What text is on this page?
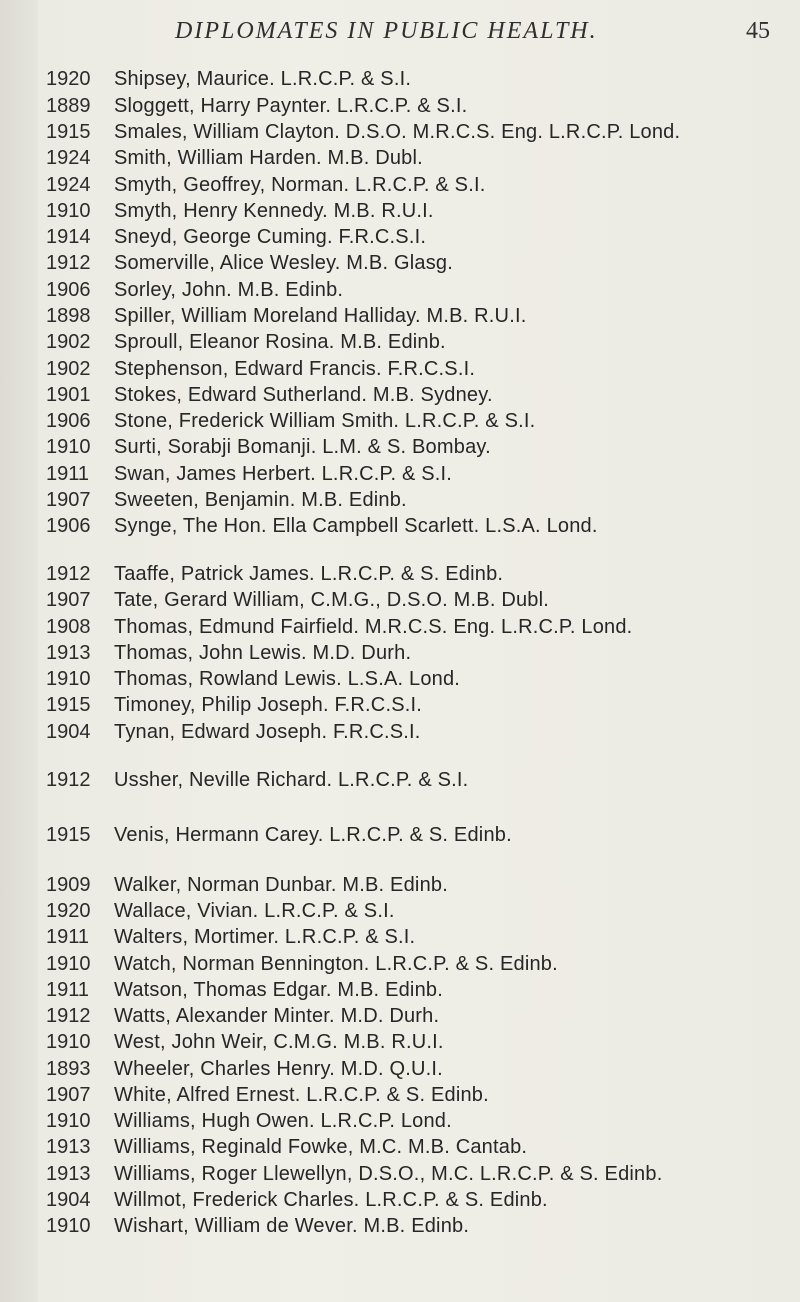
DIPLOMATES IN PUBLIC HEALTH.	45
1920	Shipsey, Maurice. L.R.C.P. & S.I.
1889	Sloggett, Harry Paynter. L.R.C.P. & S.I.
1915	Smales, William Clayton. D.S.O. M.R.C.S. Eng. L.R.C.P. Lond.
1924	Smith, William Harden. M.B. Dubl.
1924	Smyth, Geoffrey, Norman. L.R.C.P. & S.I.
1910	Smyth, Henry Kennedy. M.B. R.U.I.
1914	Sneyd, George Cuming. F.R.C.S.I.
1912	Somerville, Alice Wesley. M.B. Glasg.
1906	Sorley, John. M.B. Edinb.
1898	Spiller, William Moreland Halliday. M.B. R.U.I.
1902	Sproull, Eleanor Rosina. M.B. Edinb.
1902	Stephenson, Edward Francis. F.R.C.S.I.
1901	Stokes, Edward Sutherland. M.B. Sydney.
1906	Stone, Frederick William Smith. L.R.C.P. & S.I.
1910	Surti, Sorabji Bomanji. L.M. & S. Bombay.
1911	Swan, James Herbert. L.R.C.P. & S.I.
1907	Sweeten, Benjamin. M.B. Edinb.
1906	Synge, The Hon. Ella Campbell Scarlett. L.S.A. Lond.
1912	Taaffe, Patrick James. L.R.C.P. & S. Edinb.
1907	Tate, Gerard William, C.M.G., D.S.O. M.B. Dubl.
1908	Thomas, Edmund Fairfield. M.R.C.S. Eng. L.R.C.P. Lond.
1913	Thomas, John Lewis. M.D. Durh.
1910	Thomas, Rowland Lewis. L.S.A. Lond.
1915	Timoney, Philip Joseph. F.R.C.S.I.
1904	Tynan, Edward Joseph. F.R.C.S.I.
1912	Ussher, Neville Richard. L.R.C.P. & S.I.
1915	Venis, Hermann Carey. L.R.C.P. & S. Edinb.
1909	Walker, Norman Dunbar. M.B. Edinb.
1920	Wallace, Vivian. L.R.C.P. & S.I.
1911	Walters, Mortimer. L.R.C.P. & S.I.
1910	Watch, Norman Bennington. L.R.C.P. & S. Edinb.
1911	Watson, Thomas Edgar. M.B. Edinb.
1912	Watts, Alexander Minter. M.D. Durh.
1910	West, John Weir, C.M.G. M.B. R.U.I.
1893	Wheeler, Charles Henry. M.D. Q.U.I.
1907	White, Alfred Ernest. L.R.C.P. & S. Edinb.
1910	Williams, Hugh Owen. L.R.C.P. Lond.
1913	Williams, Reginald Fowke, M.C. M.B. Cantab.
1913	Williams, Roger Llewellyn, D.S.O., M.C. L.R.C.P. & S. Edinb.
1904	Willmot, Frederick Charles. L.R.C.P. & S. Edinb.
1910	Wishart, William de Wever. M.B. Edinb.
